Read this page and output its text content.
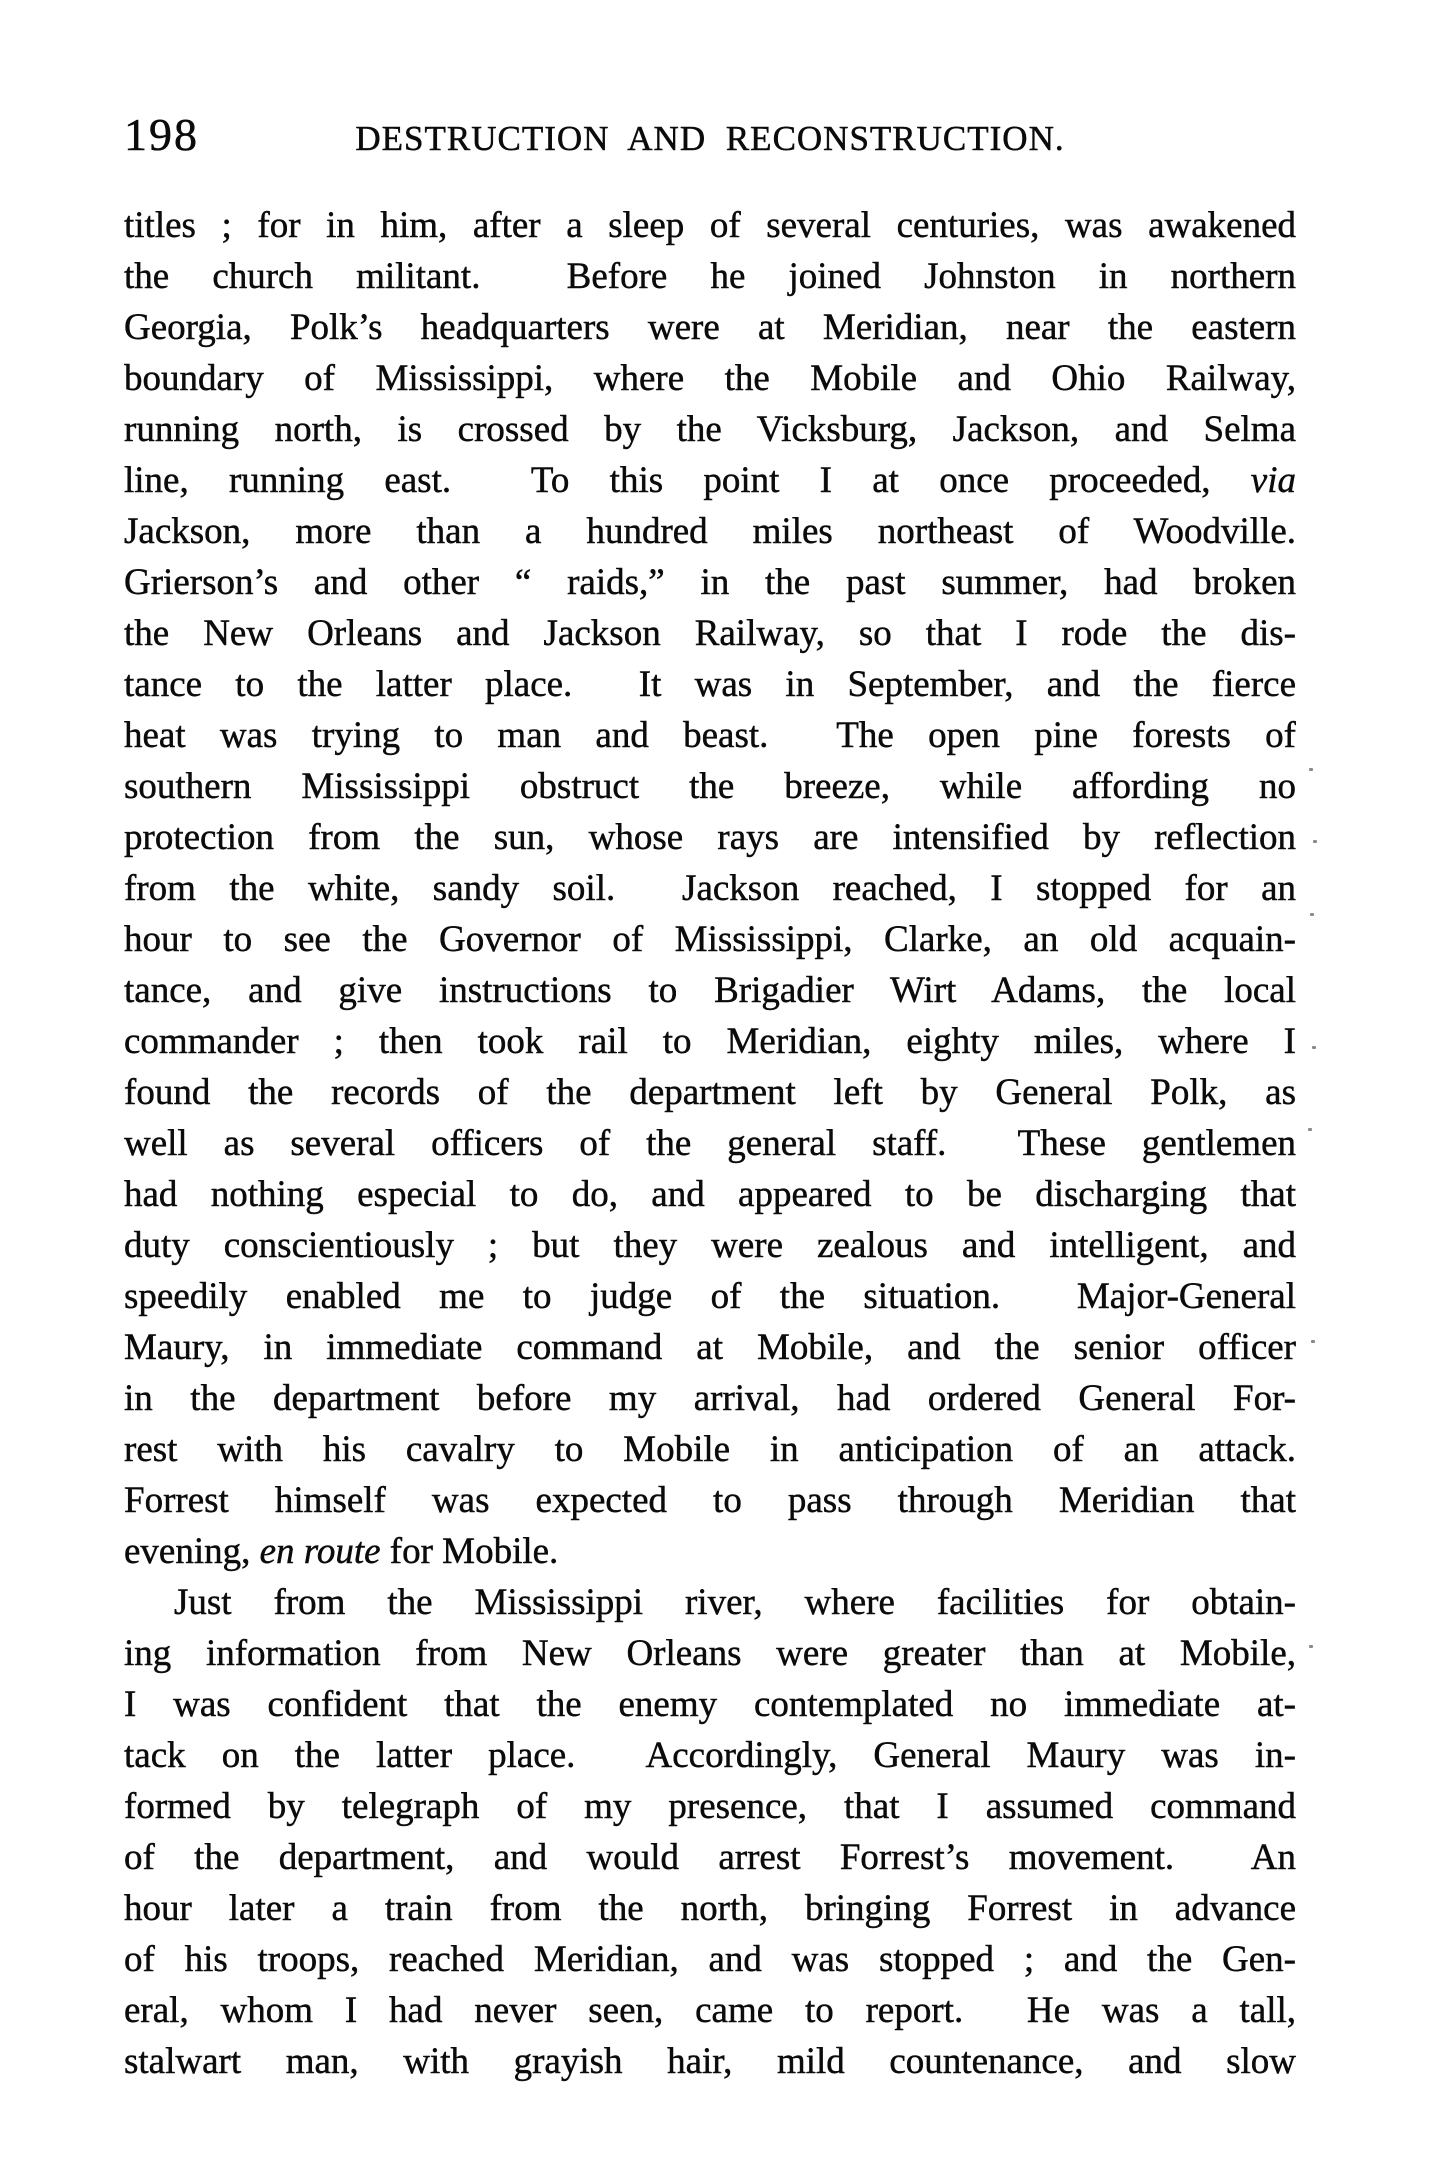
198	DESTRUCTION AND RECONSTRUCTION.
titles ; for in him, after a sleep of several centuries, was awakened
the church militant.  Before he joined Johnston in northern
Georgia, Polk’s headquarters were at Meridian, near the eastern
boundary of Mississippi, where the Mobile and Ohio Railway,
running north, is crossed by the Vicksburg, Jackson, and Selma
line, running east.  To this point I at once proceeded, via
Jackson, more than a hundred miles northeast of Woodville.
Grierson’s and other “ raids,” in the past summer, had broken
the New Orleans and Jackson Railway, so that I rode the dis-
tance to the latter place.  It was in September, and the fierce
heat was trying to man and beast.  The open pine forests of
southern Mississippi obstruct the breeze, while affording no
protection from the sun, whose rays are intensified by reflection
from the white, sandy soil.  Jackson reached, I stopped for an
hour to see the Governor of Mississippi, Clarke, an old acquain-
tance, and give instructions to Brigadier Wirt Adams, the local
commander ; then took rail to Meridian, eighty miles, where I
found the records of the department left by General Polk, as
well as several officers of the general staff.  These gentlemen
had nothing especial to do, and appeared to be discharging that
duty conscientiously ; but they were zealous and intelligent, and
speedily enabled me to judge of the situation.  Major-General
Maury, in immediate command at Mobile, and the senior officer
in the department before my arrival, had ordered General For-
rest with his cavalry to Mobile in anticipation of an attack.
Forrest himself was expected to pass through Meridian that
evening, en route for Mobile.
Just from the Mississippi river, where facilities for obtain-
ing information from New Orleans were greater than at Mobile,
I was confident that the enemy contemplated no immediate at-
tack on the latter place.  Accordingly, General Maury was in-
formed by telegraph of my presence, that I assumed command
of the department, and would arrest Forrest’s movement.  An
hour later a train from the north, bringing Forrest in advance
of his troops, reached Meridian, and was stopped ; and the Gen-
eral, whom I had never seen, came to report.  He was a tall,
stalwart man, with grayish hair, mild countenance, and slow
